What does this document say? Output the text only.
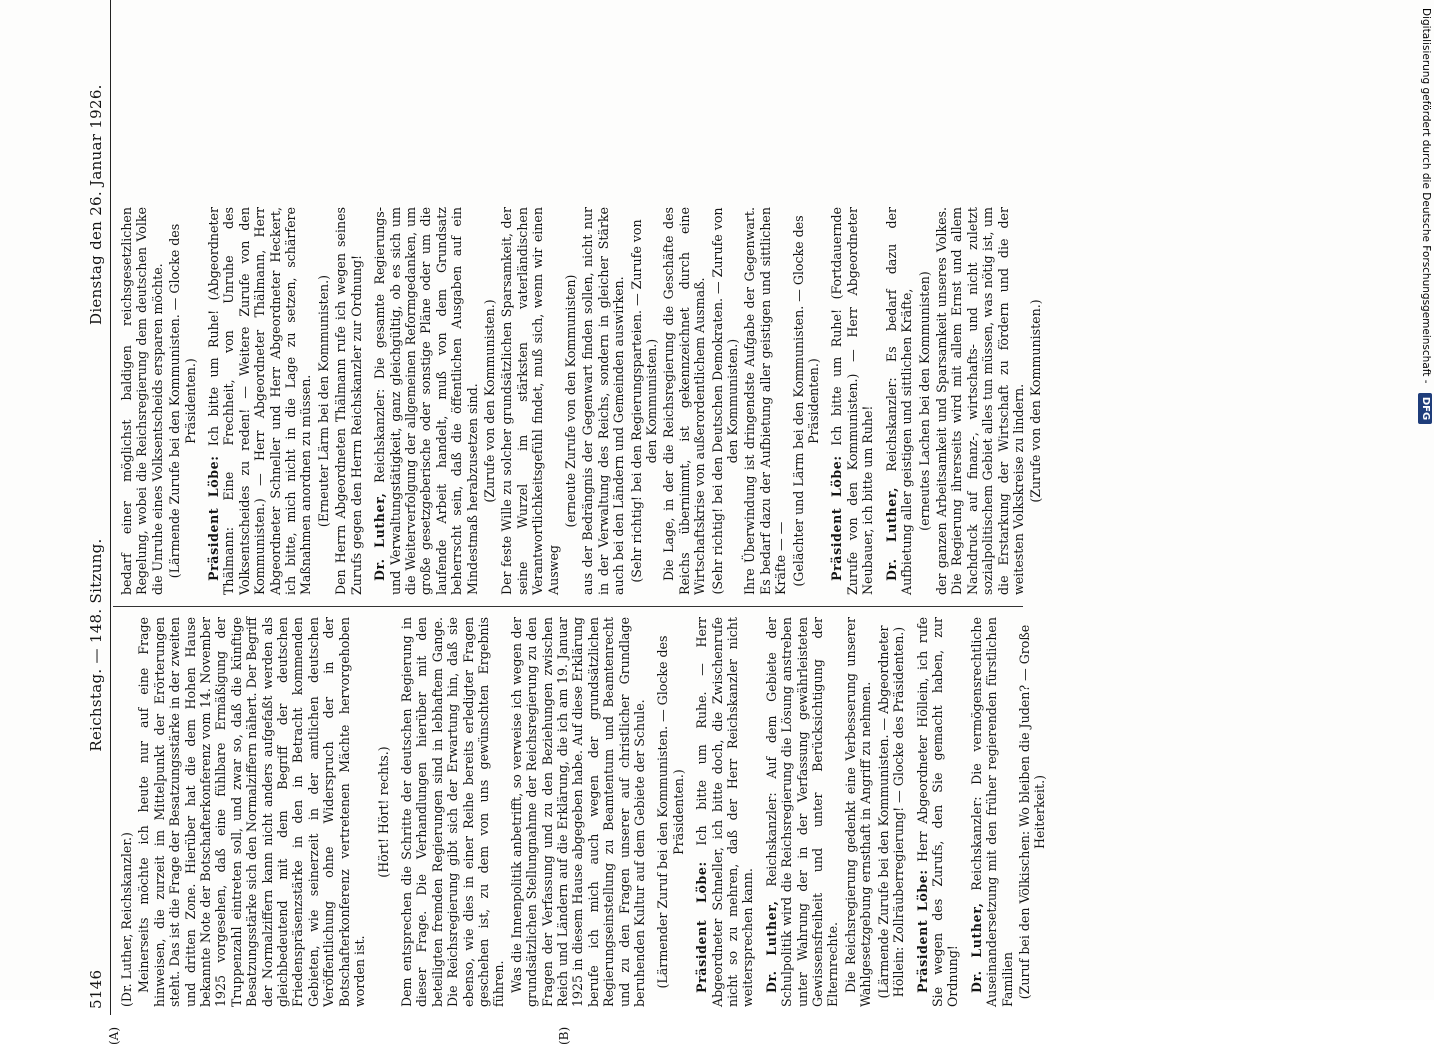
5146
Reichstag. — 148. Sitzung.
Dienstag den 26. Januar 1926.
(A)	(B)

(Dr. Luther, Reichskanzler.) Meinerseits möchte ich heute nur auf eine Frage hinweisen, die zurzeit im Mittelpunkt der Erörterungen steht. Das ist die Frage der Besatzungsstärke in der zweiten und dritten Zone. Hierüber hat die dem Hohen Hause bekannte Note der Botschafterkonferenz vom 14. November 1925 vorgesehen, daß eine fühlbare Ermäßigung der Truppenzahl eintreten soll, und zwar so, daß die künftige Besatzungsstärke sich den Normalziffern nähert. Der Begriff der Normalziffern kann nicht anders aufgefaßt werden als gleichbedeutend mit dem Begriff der deutschen Friedenspräsenzstärke in den in Betracht kommenden Gebieten, wie seinerzeit in der amtlichen deutschen Veröffentlichung ohne Widerspruch der in der Botschafterkonferenz vertretenen Mächte hervorgehoben worden ist.

(Hört! Hört! rechts.) Dem entsprechen die Schritte der deutschen Regierung in dieser Frage. Die Verhandlungen hierüber mit den beteiligten fremden Regierungen sind in lebhaftem Gange. Die Reichsregierung gibt sich der Erwartung hin, daß sie ebenso, wie dies in einer Reihe bereits erledigter Fragen geschehen ist, zu dem von uns gewünschten Ergebnis führen. Was die Innenpolitik anbetrifft, so verweise ich wegen der grundsätzlichen Stellungnahme der Reichsregierung zu den Fragen der Verfassung und zu den Beziehungen zwischen Reich und Ländern auf die Erklärung, die ich am 19. Januar 1925 in diesem Hause abgegeben habe. Auf diese Erklärung berufe ich mich auch wegen der grundsätzlichen Regierungseinstellung zu Beamtentum und Beamtenrecht und zu den Fragen unserer auf christlicher Grundlage beruhenden Kultur auf dem Gebiete der Schule. (Lärmender Zuruf bei den Kommunisten. — Glocke des Präsidenten.)

Präsident Löbe: Ich bitte um Ruhe. — Herr Abgeordneter Schneller, ich bitte doch, die Zwischenrufe nicht so zu mehren, daß der Herr Reichskanzler nicht weitersprechen kann. Dr. Luther, Reichskanzler: Auf dem Gebiete der Schulpolitik wird die Reichsregierung die Lösung anstreben unter Wahrung der in der Verfassung gewährleisteten Gewissensfreiheit und unter Berücksichtigung der Elternrechte. Die Reichsregierung gedenkt eine Verbesserung unserer Wahlgesetzgebung ernsthaft in Angriff zu nehmen. (Lärmende Zurufe bei den Kommunisten. — Abgeordneter Höllein: Zollräuberregierung! — Glocke des Präsidenten.) Präsident Löbe: Herr Abgeordneter Höllein, ich rufe Sie wegen des Zurufs, den Sie gemacht haben, zur Ordnung! Dr. Luther, Reichskanzler: Die vermögensrechtliche Auseinandersetzung mit den früher regierenden fürstlichen Familien (Zuruf bei den Völkischen: Wo bleiben die Juden? — Große Heiterkeit.)

bedarf einer möglichst baldigen reichsgesetzlichen Regelung, wobei die Reichsregierung dem deutschen Volke die Unruhe eines Volksentscheids ersparen möchte. (Lärmende Zurufe bei den Kommunisten. — Glocke des Präsidenten.)

Präsident Löbe: Ich bitte um Ruhe! (Abgeordneter Thälmann: Eine Frechheit, von Unruhe des Volksentscheides zu reden! — Weitere Zurufe von den Kommunisten.) — Herr Abgeordneter Thälmann, Herr Abgeordneter Schneller und Herr Abgeordneter Heckert, ich bitte, mich nicht in die Lage zu setzen, schärfere Maßnahmen anordnen zu müssen. (Erneuter Lärm bei den Kommunisten.) Den Herrn Abgeordneten Thälmann rufe ich wegen seines Zurufs gegen den Herrn Reichskanzler zur Ordnung! Dr. Luther, Reichskanzler: Die gesamte Regierungs- und Verwaltungstätigkeit, ganz gleichgültig, ob es sich um die Weiterverfolgung der allgemeinen Reformgedanken, um große gesetzgeberische oder sonstige Pläne oder um die laufende Arbeit handelt, muß von dem Grundsatz beherrscht sein, daß die öffentlichen Ausgaben auf ein Mindestmaß herabzusetzen sind. (Zurufe von den Kommunisten.) Der feste Wille zu solcher grundsätzlichen Sparsamkeit, der seine Wurzel im stärksten vaterländischen Verantwortlichkeitsgefühl findet, muß sich, wenn wir einen Ausweg

(erneute Zurufe von den Kommunisten) aus der Bedrängnis der Gegenwart finden sollen, nicht nur in der Verwaltung des Reichs, sondern in gleicher Stärke auch bei den Ländern und Gemeinden auswirken. (Sehr richtig! bei den Regierungsparteien. — Zurufe von den Kommunisten.) Die Lage, in der die Reichsregierung die Geschäfte des Reichs übernimmt, ist gekennzeichnet durch eine Wirtschaftskrise von außerordentlichem Ausmaß. (Sehr richtig! bei den Deutschen Demokraten. — Zurufe von den Kommunisten.) Ihre Überwindung ist dringendste Aufgabe der Gegenwart. Es bedarf dazu der Aufbietung aller geistigen und sittlichen Kräfte — — (Gelächter und Lärm bei den Kommunisten. — Glocke des Präsidenten.)

Präsident Löbe: Ich bitte um Ruhe! (Fortdauernde Zurufe von den Kommunisten.) — Herr Abgeordneter Neubauer, ich bitte um Ruhe! Dr. Luther, Reichskanzler: Es bedarf dazu der Aufbietung aller geistigen und sittlichen Kräfte, (erneutes Lachen bei den Kommunisten) der ganzen Arbeitsamkeit und Sparsamkeit unseres Volkes. Die Regierung ihrerseits wird mit allem Ernst und allem Nachdruck auf finanz-, wirtschafts- und nicht zuletzt sozialpolitischem Gebiet alles tun müssen, was nötig ist, um die Erstarkung der Wirtschaft zu fördern und die der weitesten Volkskreise zu lindern. (Zurufe von den Kommunisten.)

Digitalisierung gefördert durch die Deutsche Forschungsgemeinschaft - DFG
